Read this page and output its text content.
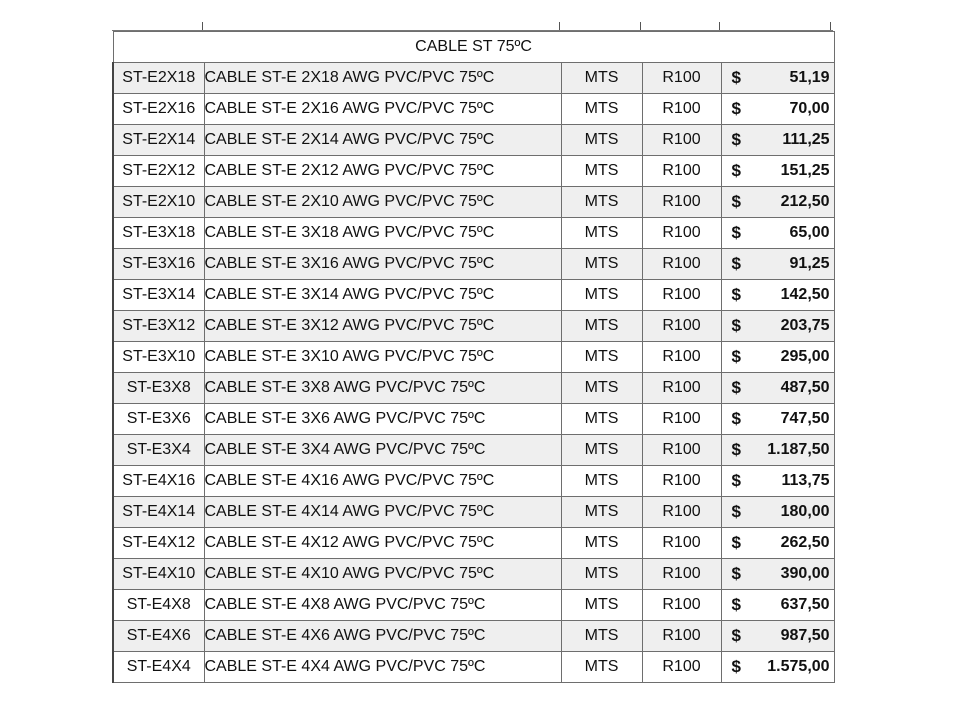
CABLE ST 75ºC				
ST-E2X18	CABLE ST-E 2X18 AWG PVC/PVC 75ºC	MTS	R100	$ 51,19

ST-E2X16	CABLE ST-E 2X16 AWG PVC/PVC 75ºC	MTS	R100	$ 70,00

ST-E2X14	CABLE ST-E 2X14 AWG PVC/PVC 75ºC	MTS	R100	$ 111,25

ST-E2X12	CABLE ST-E 2X12 AWG PVC/PVC 75ºC	MTS	R100	$ 151,25

ST-E2X10	CABLE ST-E 2X10 AWG PVC/PVC 75ºC	MTS	R100	$ 212,50

ST-E3X18	CABLE ST-E 3X18 AWG PVC/PVC 75ºC	MTS	R100	$ 65,00

ST-E3X16	CABLE ST-E 3X16 AWG PVC/PVC 75ºC	MTS	R100	$ 91,25

ST-E3X14	CABLE ST-E 3X14 AWG PVC/PVC 75ºC	MTS	R100	$ 142,50

ST-E3X12	CABLE ST-E 3X12 AWG PVC/PVC 75ºC	MTS	R100	$ 203,75

ST-E3X10	CABLE ST-E 3X10 AWG PVC/PVC 75ºC	MTS	R100	$ 295,00

ST-E3X8	CABLE ST-E 3X8 AWG PVC/PVC 75ºC	MTS	R100	$ 487,50

ST-E3X6	CABLE ST-E 3X6 AWG PVC/PVC 75ºC	MTS	R100	$ 747,50

ST-E3X4	CABLE ST-E 3X4 AWG PVC/PVC 75ºC	MTS	R100	$ 1.187,50

ST-E4X16	CABLE ST-E 4X16 AWG PVC/PVC 75ºC	MTS	R100	$ 113,75

ST-E4X14	CABLE ST-E 4X14 AWG PVC/PVC 75ºC	MTS	R100	$ 180,00

ST-E4X12	CABLE ST-E 4X12 AWG PVC/PVC 75ºC	MTS	R100	$ 262,50

ST-E4X10	CABLE ST-E 4X10 AWG PVC/PVC 75ºC	MTS	R100	$ 390,00

ST-E4X8	CABLE ST-E 4X8 AWG PVC/PVC 75ºC	MTS	R100	$ 637,50

ST-E4X6	CABLE ST-E 4X6 AWG PVC/PVC 75ºC	MTS	R100	$ 987,50

ST-E4X4	CABLE ST-E 4X4 AWG PVC/PVC 75ºC	MTS	R100	$ 1.575,00
